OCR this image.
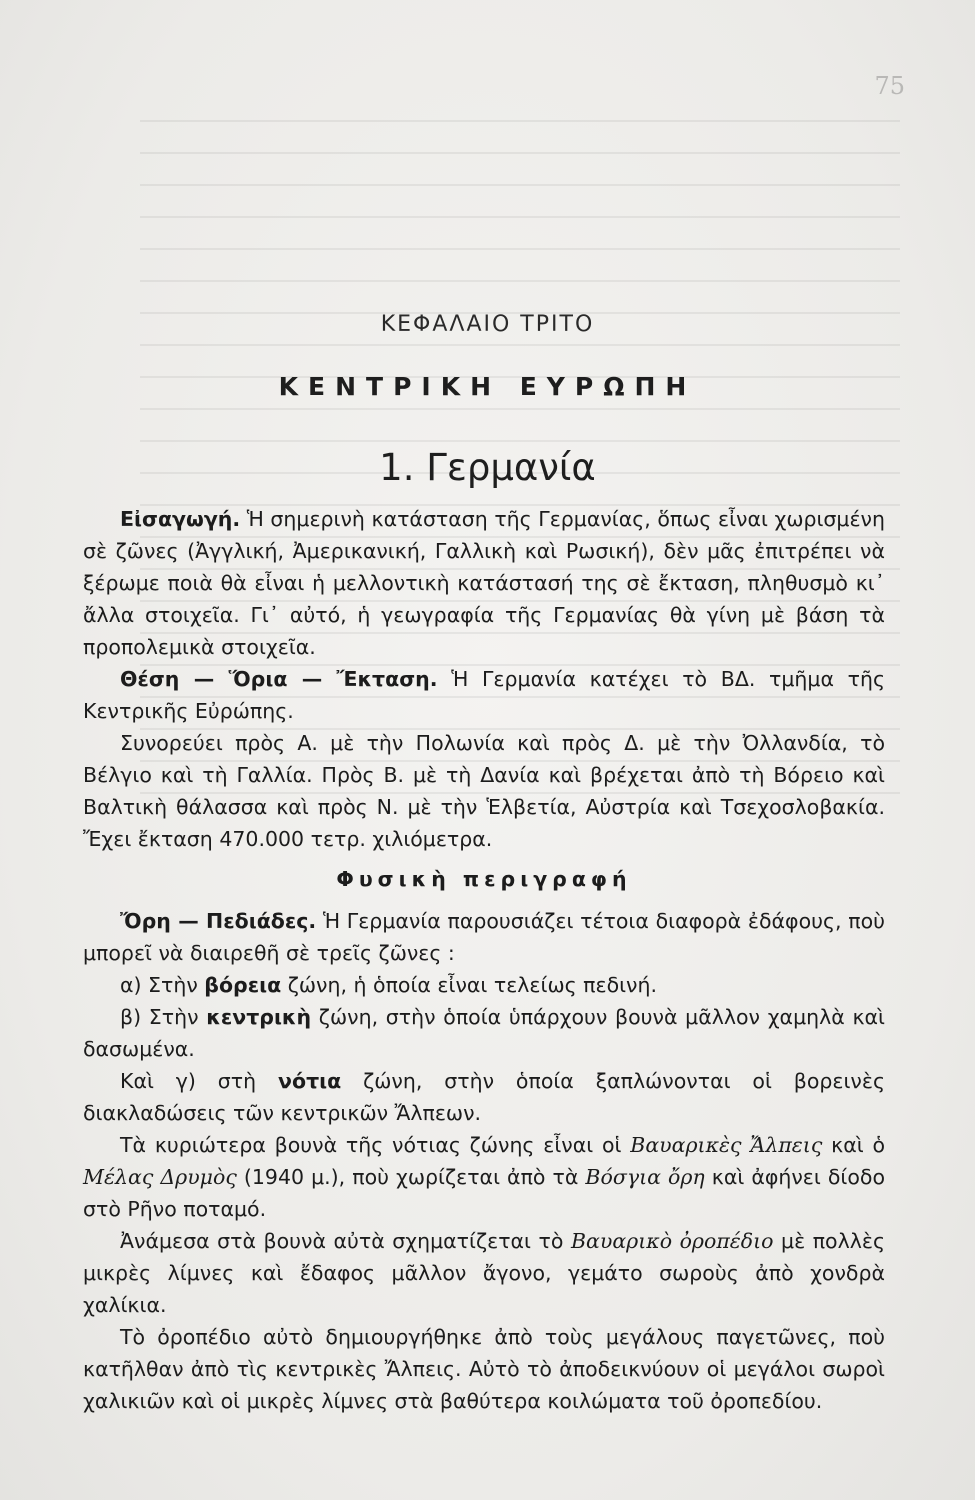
75
ΚΕΦΑΛΑΙΟ ΤΡΙΤΟ
ΚΕΝΤΡΙΚΗ ΕΥΡΩΠΗ
1. Γερμανία

Εἰσαγωγή. Ἡ σημερινὴ κατάσταση τῆς Γερμανίας, ὅπως εἶναι χωρισμένη σὲ ζῶνες (Ἀγγλική, Ἀμερικανική, Γαλλικὴ καὶ Ρωσική), δὲν μᾶς ἐπιτρέπει νὰ ξέρωμε ποιὰ θὰ εἶναι ἡ μελλοντικὴ κατάστασή της σὲ ἔκταση, πληθυσμὸ κι᾽ ἄλλα στοιχεῖα. Γι᾽ αὐτό, ἡ γεωγραφία τῆς Γερμανίας θὰ γίνη μὲ βάση τὰ προπολεμικὰ στοιχεῖα.

Θέση — Ὅρια — Ἔκταση. Ἡ Γερμανία κατέχει τὸ ΒΔ. τμῆμα τῆς Κεντρικῆς Εὐρώπης.

Συνορεύει πρὸς Α. μὲ τὴν Πολωνία καὶ πρὸς Δ. μὲ τὴν Ὀλλανδία, τὸ Βέλγιο καὶ τὴ Γαλλία. Πρὸς Β. μὲ τὴ Δανία καὶ βρέχεται ἀπὸ τὴ Βόρειο καὶ Βαλτικὴ θάλασσα καὶ πρὸς Ν. μὲ τὴν Ἑλβετία, Αὐστρία καὶ Τσεχοσλοβακία. Ἔχει ἔκταση 470.000 τετρ. χιλιόμετρα.

Φυσικὴ περιγραφή

Ὄρη — Πεδιάδες. Ἡ Γερμανία παρουσιάζει τέτοια διαφορὰ ἐδάφους, ποὺ μπορεῖ νὰ διαιρεθῆ σὲ τρεῖς ζῶνες :

α) Στὴν βόρεια ζώνη, ἡ ὁποία εἶναι τελείως πεδινή.

β) Στὴν κεντρικὴ ζώνη, στὴν ὁποία ὑπάρχουν βουνὰ μᾶλλον χαμηλὰ καὶ δασωμένα.

Καὶ γ) στὴ νότια ζώνη, στὴν ὁποία ξαπλώνονται οἱ βορεινὲς διακλαδώσεις τῶν κεντρικῶν Ἄλπεων.

Τὰ κυριώτερα βουνὰ τῆς νότιας ζώνης εἶναι οἱ Βαυαρικὲς Ἄλπεις καὶ ὁ Μέλας Δρυμὸς (1940 μ.), ποὺ χωρίζεται ἀπὸ τὰ Βόσγια ὄρη καὶ ἀφήνει δίοδο στὸ Ρῆνο ποταμό.

Ἀνάμεσα στὰ βουνὰ αὐτὰ σχηματίζεται τὸ Βαυαρικὸ ὀροπέδιο μὲ πολλὲς μικρὲς λίμνες καὶ ἔδαφος μᾶλλον ἄγονο, γεμάτο σωροὺς ἀπὸ χονδρὰ χαλίκια.

Τὸ ὀροπέδιο αὐτὸ δημιουργήθηκε ἀπὸ τοὺς μεγάλους παγετῶνες, ποὺ κατῆλθαν ἀπὸ τὶς κεντρικὲς Ἄλπεις. Αὐτὸ τὸ ἀποδεικνύουν οἱ μεγάλοι σωροὶ χαλικιῶν καὶ οἱ μικρὲς λίμνες στὰ βαθύτερα κοιλώματα τοῦ ὀροπεδίου.
